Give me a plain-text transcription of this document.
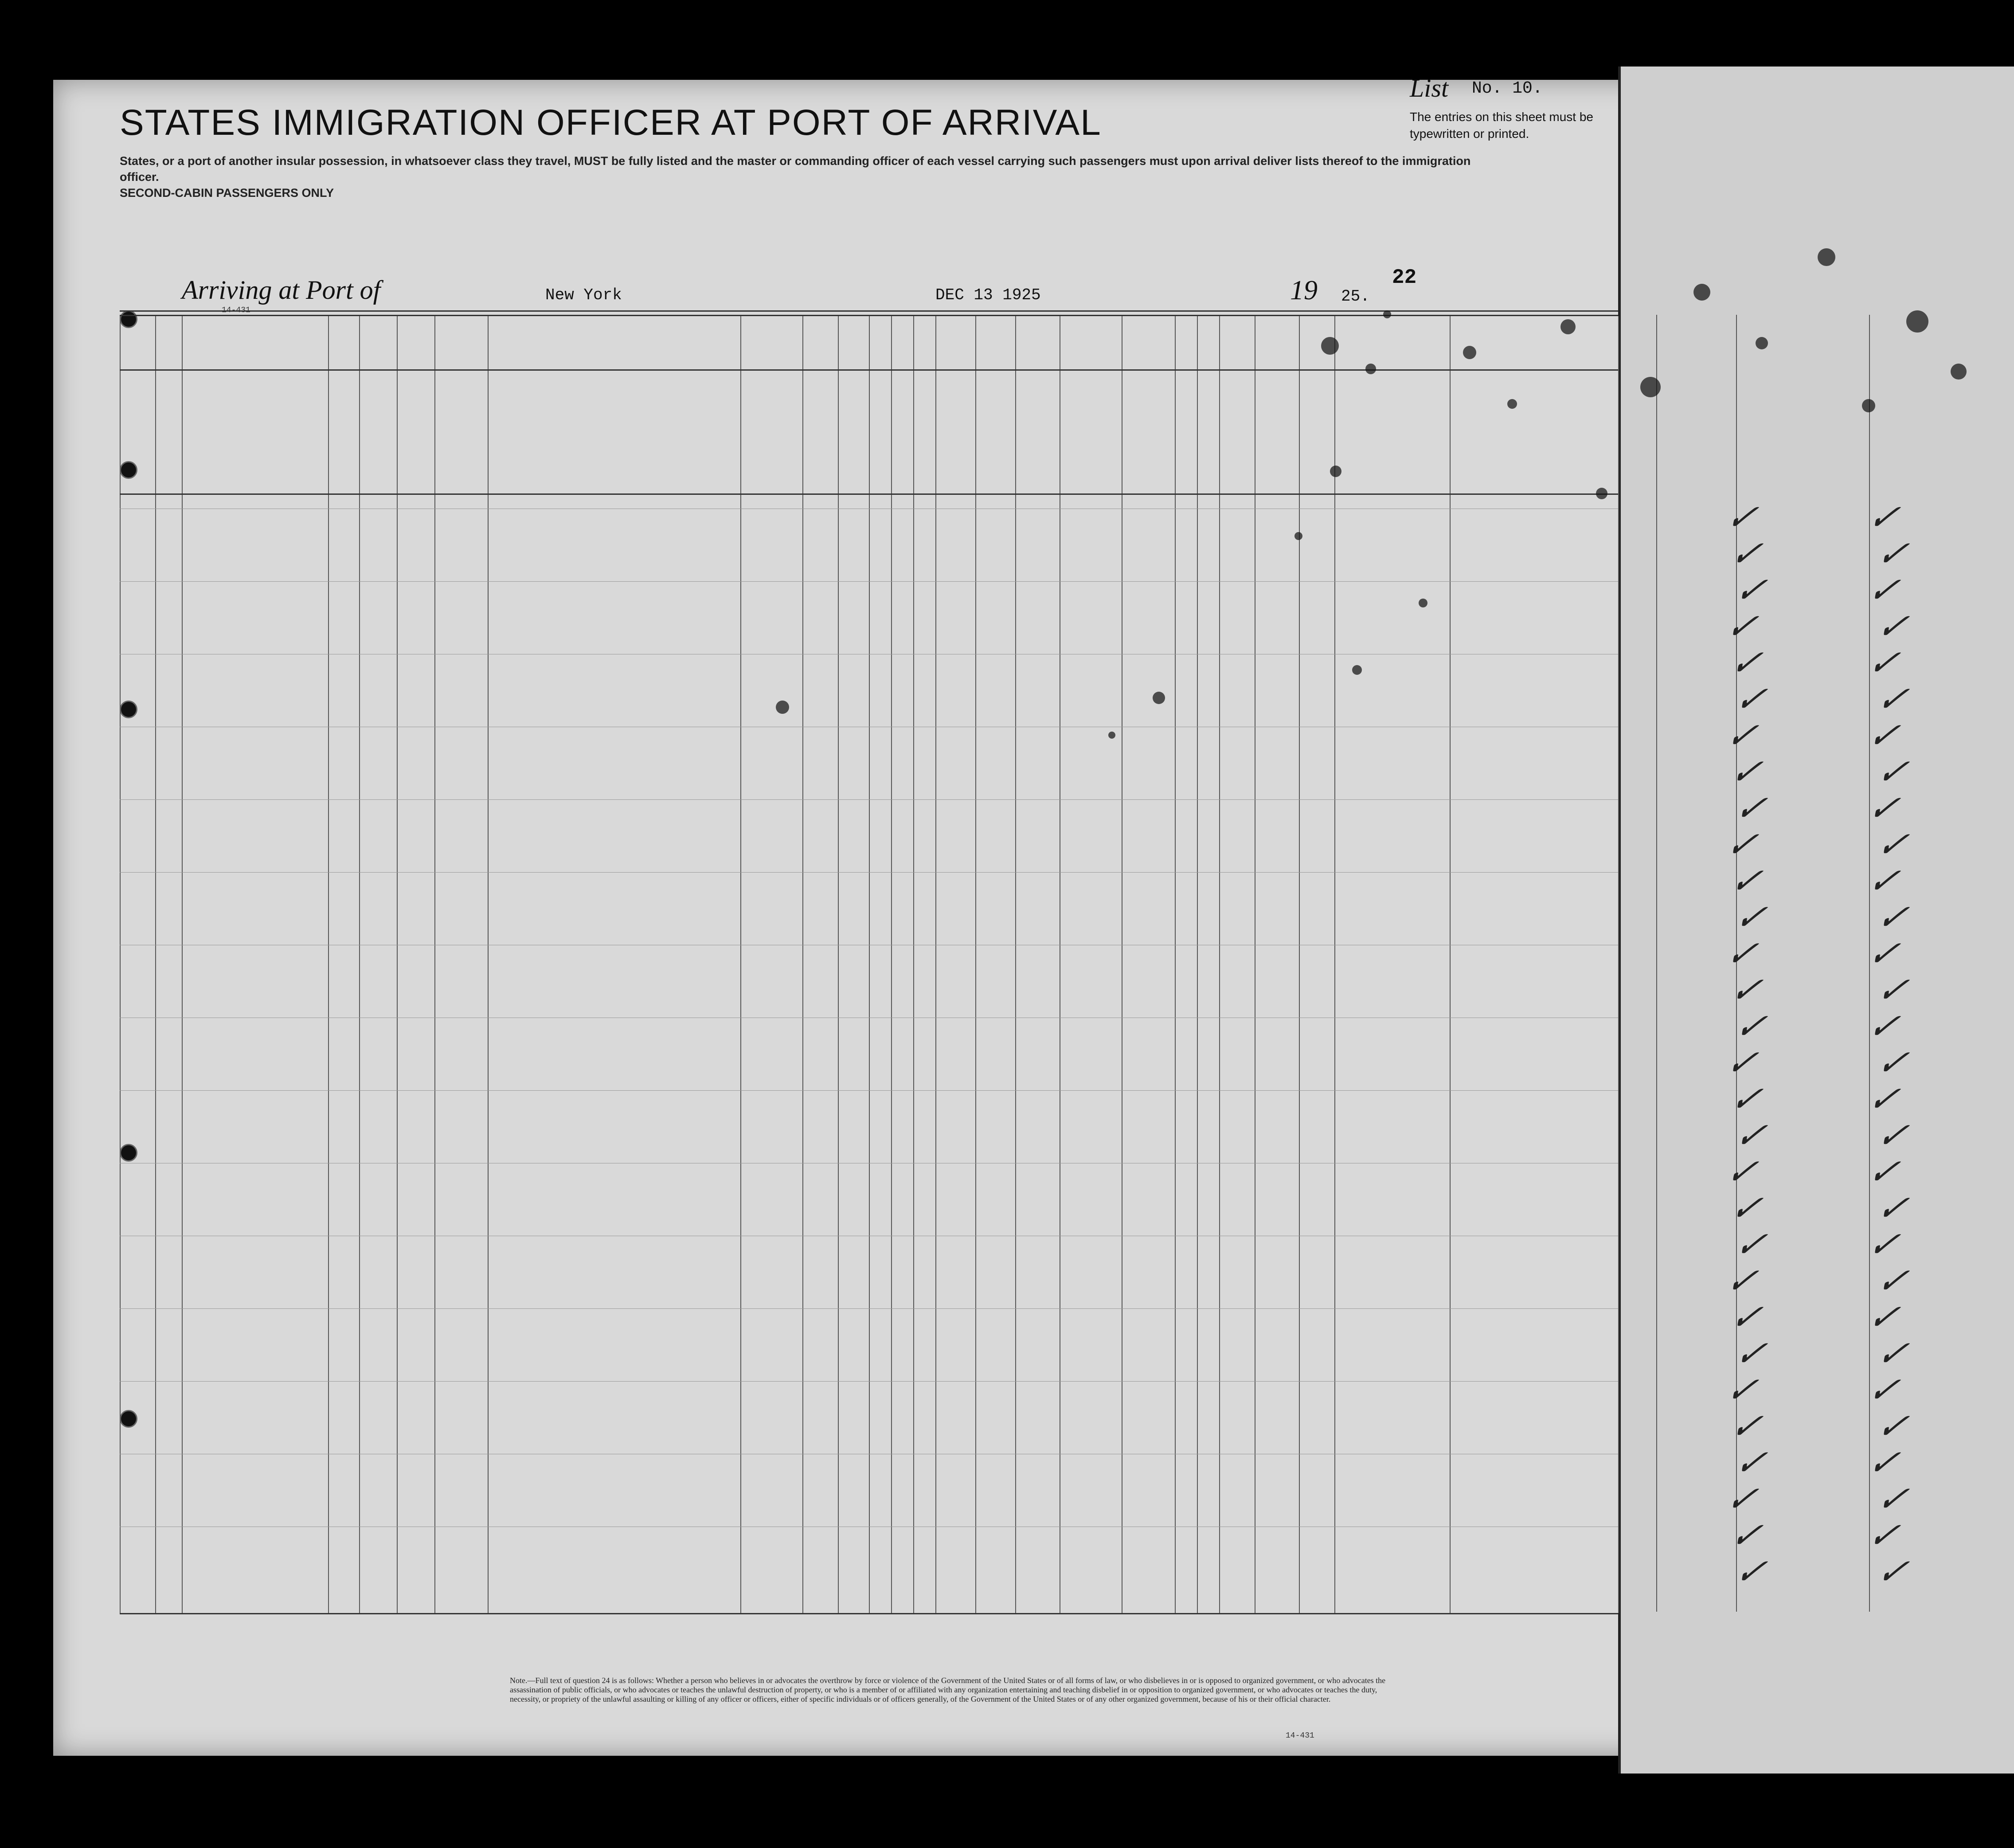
✓	✓
✓	✓
✓	✓
✓	✓
✓	✓
✓	✓
✓	✓
✓	✓
✓	✓
✓	✓
✓	✓
✓	✓
✓	✓
✓	✓
✓	✓
✓	✓
✓	✓
✓	✓
✓	✓
✓	✓
✓	✓
✓	✓
✓	✓
✓	✓
✓	✓
✓	✓
✓	✓
✓	✓
✓	✓
✓	✓
STATES IMMIGRATION OFFICER AT PORT OF ARRIVAL
States, or a port of another insular possession, in whatsoever class they travel, MUST be fully listed and the master or commanding officer of each vessel carrying such passengers must upon arrival deliver lists thereof to the immigration officer.
SECOND-CABIN PASSENGERS ONLY
List No. 10.
The entries on this sheet must be typewritten or printed.
22
Arriving at Port of	New York	DEC 13 1925	19 25.
14-431
Note.—Full text of question 24 is as follows: Whether a person who believes in or advocates the overthrow by force or violence of the Government of the United States or of all forms of law, or who disbelieves in or is opposed to organized government, or who advocates the assassination of public officials, or who advocates or teaches the unlawful destruction of property, or who is a member of or affiliated with any organization entertaining and teaching disbelief in or opposition to organized government, or who advocates or teaches the duty, necessity, or propriety of the unlawful assaulting or killing of any officer or officers, either of specific individuals or of officers generally, of the Government of the United States or of any other organized government, because of his or their official character.
14-431
